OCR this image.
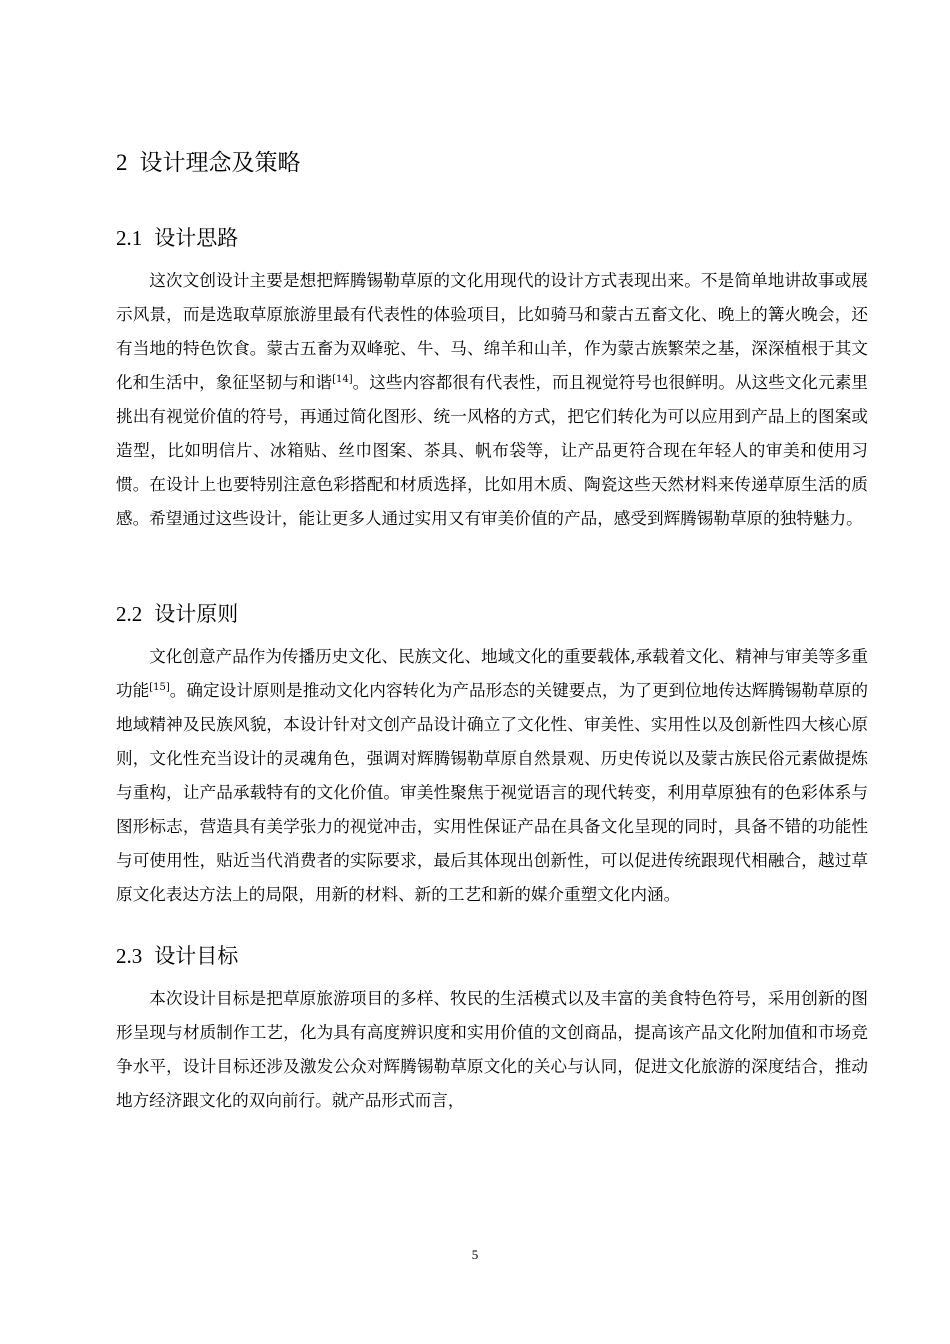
2 设计理念及策略
2.1 设计思路

这次文创设计主要是想把辉腾锡勒草原的文化用现代的设计方式表现出来。不是简单地讲故事或展示风景，而是选取草原旅游里最有代表性的体验项目，比如骑马和蒙古五畜文化、晚上的篝火晚会，还有当地的特色饮食。蒙古五畜为双峰驼、牛、马、绵羊和山羊，作为蒙古族繁荣之基，深深植根于其文化和生活中，象征坚韧与和谐[14]。这些内容都很有代表性，而且视觉符号也很鲜明。从这些文化元素里挑出有视觉价值的符号，再通过简化图形、统一风格的方式，把它们转化为可以应用到产品上的图案或造型，比如明信片、冰箱贴、丝巾图案、茶具、帆布袋等，让产品更符合现在年轻人的审美和使用习惯。在设计上也要特别注意色彩搭配和材质选择，比如用木质、陶瓷这些天然材料来传递草原生活的质感。希望通过这些设计，能让更多人通过实用又有审美价值的产品，感受到辉腾锡勒草原的独特魅力。

2.2 设计原则

文化创意产品作为传播历史文化、民族文化、地域文化的重要载体,承载着文化、精神与审美等多重功能[15]。确定设计原则是推动文化内容转化为产品形态的关键要点，为了更到位地传达辉腾锡勒草原的地域精神及民族风貌，本设计针对文创产品设计确立了文化性、审美性、实用性以及创新性四大核心原则，文化性充当设计的灵魂角色，强调对辉腾锡勒草原自然景观、历史传说以及蒙古族民俗元素做提炼与重构，让产品承载特有的文化价值。审美性聚焦于视觉语言的现代转变，利用草原独有的色彩体系与图形标志，营造具有美学张力的视觉冲击，实用性保证产品在具备文化呈现的同时，具备不错的功能性与可使用性，贴近当代消费者的实际要求，最后其体现出创新性，可以促进传统跟现代相融合，越过草原文化表达方法上的局限，用新的材料、新的工艺和新的媒介重塑文化内涵。

2.3 设计目标

本次设计目标是把草原旅游项目的多样、牧民的生活模式以及丰富的美食特色符号，采用创新的图形呈现与材质制作工艺，化为具有高度辨识度和实用价值的文创商品，提高该产品文化附加值和市场竞争水平，设计目标还涉及激发公众对辉腾锡勒草原文化的关心与认同，促进文化旅游的深度结合，推动地方经济跟文化的双向前行。就产品形式而言，

5
